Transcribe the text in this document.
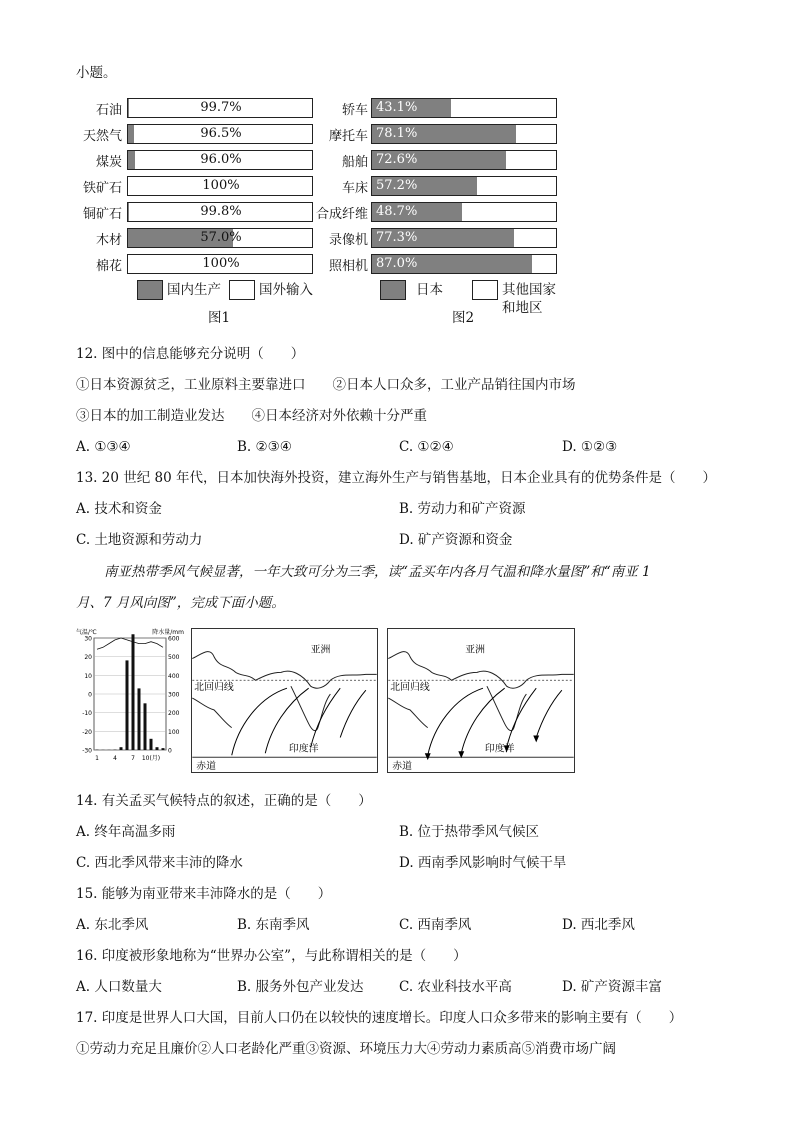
小题。
国内生产	国外输入
图1
日本	其他国家
和地区
图2
12. 图中的信息能够充分说明（　　）
①日本资源贫乏，工业原料主要靠进口　　②日本人口众多，工业产品销往国内市场
③日本的加工制造业发达　　④日本经济对外依赖十分严重
A. ①③④	B. ②③④	C. ①②④	D. ①②③
13. 20 世纪 80 年代，日本加快海外投资，建立海外生产与销售基地，日本企业具有的优势条件是（　　）
A. 技术和资金	B. 劳动力和矿产资源
C. 土地资源和劳动力	D. 矿产资源和资金
南亚热带季风气候显著，一年大致可分为三季，读“孟买年内各月气温和降水量图”和“南亚 1
月、7 月风向图”，完成下面小题。
30	600
20	500
10	400
0	300
-10	200
-20	100
-30	0
气温/℃	降水量/mm
1 4 7 10(月)
亚洲
北回归线
印度洋
赤道
亚洲
北回归线
印度洋
赤道
14. 有关孟买气候特点的叙述，正确的是（　　）
A. 终年高温多雨	B. 位于热带季风气候区
C. 西北季风带来丰沛的降水	D. 西南季风影响时气候干旱
15. 能够为南亚带来丰沛降水的是（　　）
A. 东北季风	B. 东南季风	C. 西南季风	D. 西北季风
16. 印度被形象地称为“世界办公室”，与此称谓相关的是（　　）
A. 人口数量大	B. 服务外包产业发达	C. 农业科技水平高	D. 矿产资源丰富
17. 印度是世界人口大国，目前人口仍在以较快的速度增长。印度人口众多带来的影响主要有（　　）
①劳动力充足且廉价②人口老龄化严重③资源、环境压力大④劳动力素质高⑤消费市场广阔
石油	99.7%
天然气	96.5%
煤炭	96.0%
铁矿石	100%
铜矿石	99.8%
木材	57.0%
棉花	100%
轿车 43.1%
摩托车 78.1%
船舶 72.6%
车床 57.2%
合成纤维 48.7%
录像机 77.3%
照相机 87.0%
